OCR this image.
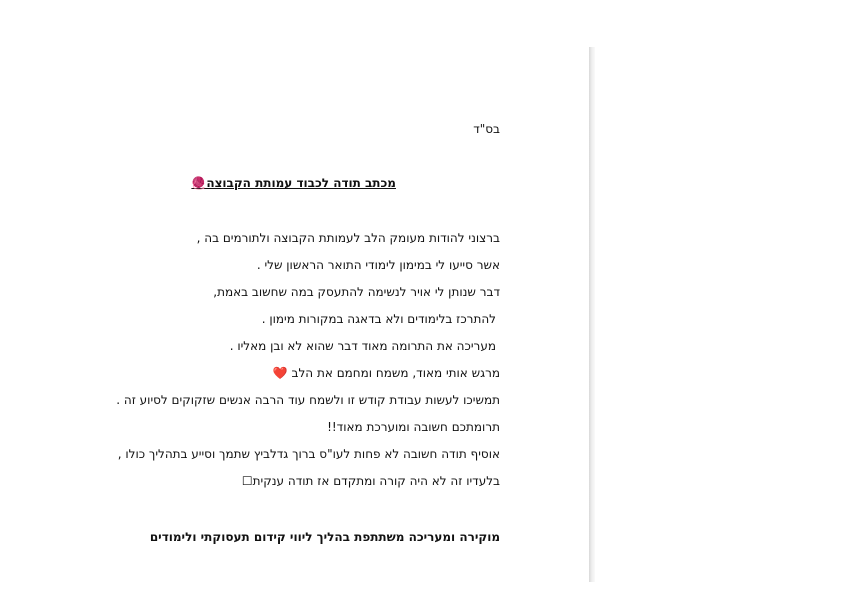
בס"ד
מכתב תודה לכבוד עמותת הקבוצה🧶
ברצוני להודות מעומק הלב לעמותת הקבוצה ולתורמים בה ,
אשר סייעו לי במימון לימודי התואר הראשון שלי .
דבר שנותן לי אויר לנשימה להתעסק במה שחשוב באמת,
להתרכז בלימודים ולא בדאגה במקורות מימון .
מעריכה את התרומה מאוד דבר שהוא לא ובן מאליו .
מרגש אותי מאוד, משמח ומחמם את הלב ❤️
תמשיכו לעשות עבודת קודש זו ולשמח עוד הרבה אנשים שזקוקים לסיוע זה .
תרומתכם חשובה ומוערכת מאוד!!
אוסיף תודה חשובה לא פחות לעו"ס ברוך גדלביץ שתמך וסייע בתהליך כולו ,
בלעדיו זה לא היה קורה ומתקדם אז תודה ענקית☐
מוקירה ומעריכה משתתפת בהליך ליווי קידום תעסוקתי ולימודים
